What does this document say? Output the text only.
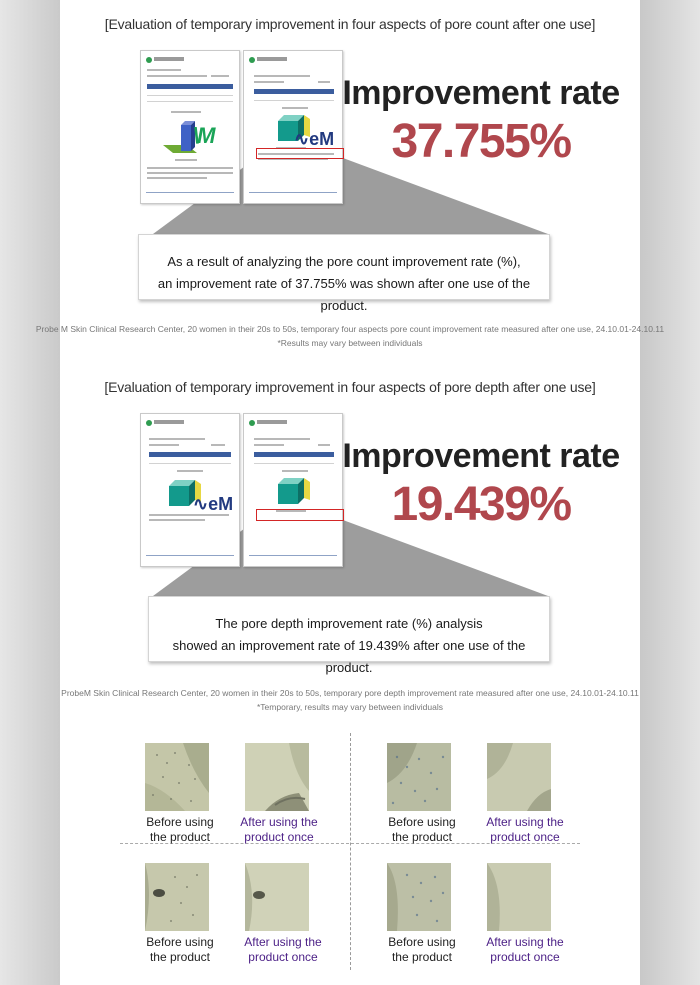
[Evaluation of temporary improvement in four aspects of pore count after one use]
\M	∿eM
Improvement rate
37.755%
As a result of analyzing the pore count improvement rate (%),
an improvement rate of 37.755% was shown after one use of the product.
Probe M Skin Clinical Research Center, 20 women in their 20s to 50s, temporary four aspects pore count improvement rate measured after one use, 24.10.01-24.10.11
*Results may vary between individuals
[Evaluation of temporary improvement in four aspects of pore depth after one use]
∿eM
Improvement rate
19.439%
The pore depth improvement rate (%) analysis
showed an improvement rate of 19.439% after one use of the product.
ProbeM Skin Clinical Research Center, 20 women in their 20s to 50s, temporary pore depth improvement rate measured after one use, 24.10.01-24.10.11
*Temporary, results may vary between individuals
Before using
the product
After using the
product once
Before using
the product
After using the
product once
Before using
the product
After using the
product once
Before using
the product
After using the
product once
